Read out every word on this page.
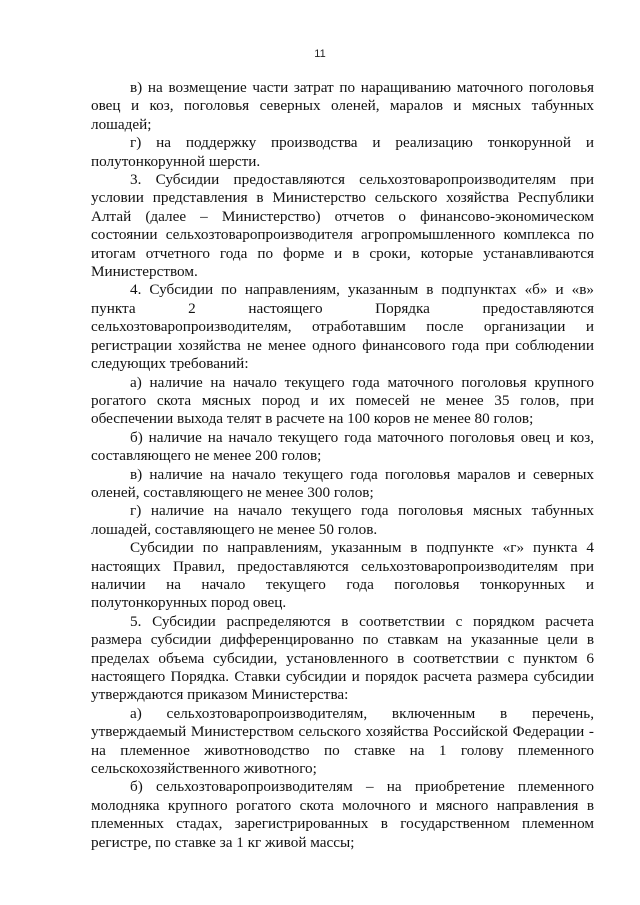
11

в) на возмещение части затрат по наращиванию маточного поголовья овец и коз, поголовья северных оленей, маралов и мясных табунных лошадей;

г) на поддержку производства и реализацию тонкорунной и полутонкорунной шерсти.

3. Субсидии предоставляются сельхозтоваропроизводителям при условии представления в Министерство сельского хозяйства Республики Алтай (далее – Министерство) отчетов о финансово-экономическом состоянии сельхозтоваропроизводителя агропромышленного комплекса по итогам отчетного года по форме и в сроки, которые устанавливаются Министерством.

4. Субсидии по направлениям, указанным в подпунктах «б» и «в» пункта 2 настоящего Порядка предоставляются сельхозтоваропроизводителям, отработавшим после организации и регистрации хозяйства не менее одного финансового года при соблюдении следующих требований:

а) наличие на начало текущего года маточного поголовья крупного рогатого скота мясных пород и их помесей не менее 35 голов, при обеспечении выхода телят в расчете на 100 коров не менее 80 голов;

б) наличие на начало текущего года маточного поголовья овец и коз, составляющего не менее 200 голов;

в) наличие на начало текущего года поголовья маралов и северных оленей, составляющего не менее 300 голов;

г) наличие на начало текущего года поголовья мясных табунных лошадей, составляющего не менее 50 голов.

Субсидии по направлениям, указанным в подпункте «г» пункта 4 настоящих Правил, предоставляются сельхозтоваропроизводителям при наличии на начало текущего года поголовья тонкорунных и полутонкорунных пород овец.

5. Субсидии распределяются в соответствии с порядком расчета размера субсидии дифференцированно по ставкам на указанные цели в пределах объема субсидии, установленного в соответствии с пунктом 6 настоящего Порядка. Ставки субсидии и порядок расчета размера субсидии утверждаются приказом Министерства:

а) сельхозтоваропроизводителям, включенным в перечень, утверждаемый Министерством сельского хозяйства Российской Федерации - на племенное животноводство по ставке на 1 голову племенного сельскохозяйственного животного;

б) сельхозтоваропроизводителям – на приобретение племенного молодняка крупного рогатого скота молочного и мясного направления в племенных стадах, зарегистрированных в государственном племенном регистре, по ставке за 1 кг живой массы;
